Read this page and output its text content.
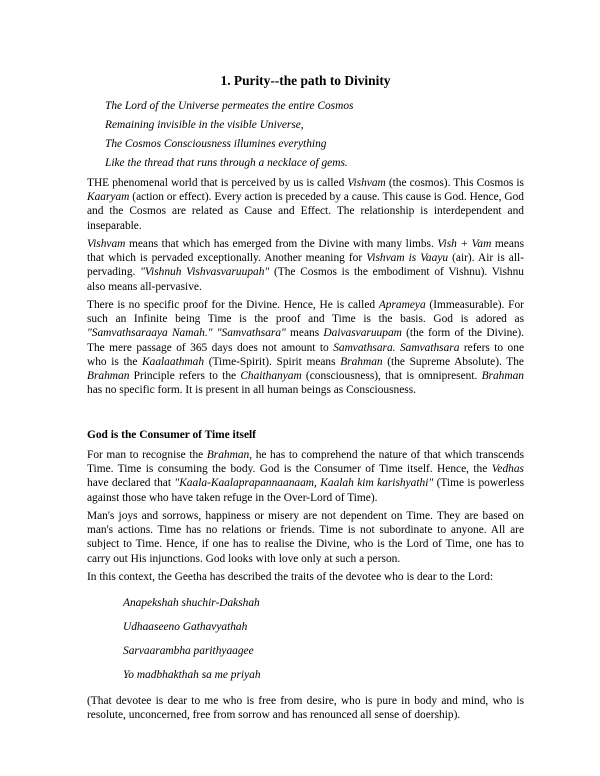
1. Purity--the path to Divinity

The Lord of the Universe permeates the entire Cosmos

Remaining invisible in the visible Universe,

The Cosmos Consciousness illumines everything

Like the thread that runs through a necklace of gems.

THE phenomenal world that is perceived by us is called Vishvam (the cosmos). This Cosmos is Kaaryam (action or effect). Every action is preceded by a cause. This cause is God. Hence, God and the Cosmos are related as Cause and Effect. The relationship is interdependent and inseparable.

Vishvam means that which has emerged from the Divine with many limbs. Vish + Vam means that which is pervaded exceptionally. Another meaning for Vishvam is Vaayu (air). Air is all-pervading. "Vishnuh Vishvasvaruupah" (The Cosmos is the embodiment of Vishnu). Vishnu also means all-pervasive.

There is no specific proof for the Divine. Hence, He is called Aprameya (Immeasurable). For such an Infinite being Time is the proof and Time is the basis. God is adored as "Samvathsaraaya Namah." "Samvathsara" means Daivasvaruupam (the form of the Divine). The mere passage of 365 days does not amount to Samvathsara. Samvathsara refers to one who is the Kaalaathmah (Time-Spirit). Spirit means Brahman (the Supreme Absolute). The Brahman Principle refers to the Chaithanyam (consciousness), that is omnipresent. Brahman has no specific form. It is present in all human beings as Consciousness.

God is the Consumer of Time itself

For man to recognise the Brahman, he has to comprehend the nature of that which transcends Time. Time is consuming the body. God is the Consumer of Time itself. Hence, the Vedhas have declared that "Kaala-Kaalaprapannaanaam, Kaalah kim karishyathi" (Time is powerless against those who have taken refuge in the Over-Lord of Time).

Man's joys and sorrows, happiness or misery are not dependent on Time. They are based on man's actions. Time has no relations or friends. Time is not subordinate to anyone. All are subject to Time. Hence, if one has to realise the Divine, who is the Lord of Time, one has to carry out His injunctions. God looks with love only at such a person.

In this context, the Geetha has described the traits of the devotee who is dear to the Lord:

Anapekshah shuchir-Dakshah

Udhaaseeno Gathavyathah

Sarvaarambha parithyaagee

Yo madbhakthah sa me priyah

(That devotee is dear to me who is free from desire, who is pure in body and mind, who is resolute, unconcerned, free from sorrow and has renounced all sense of doership).
